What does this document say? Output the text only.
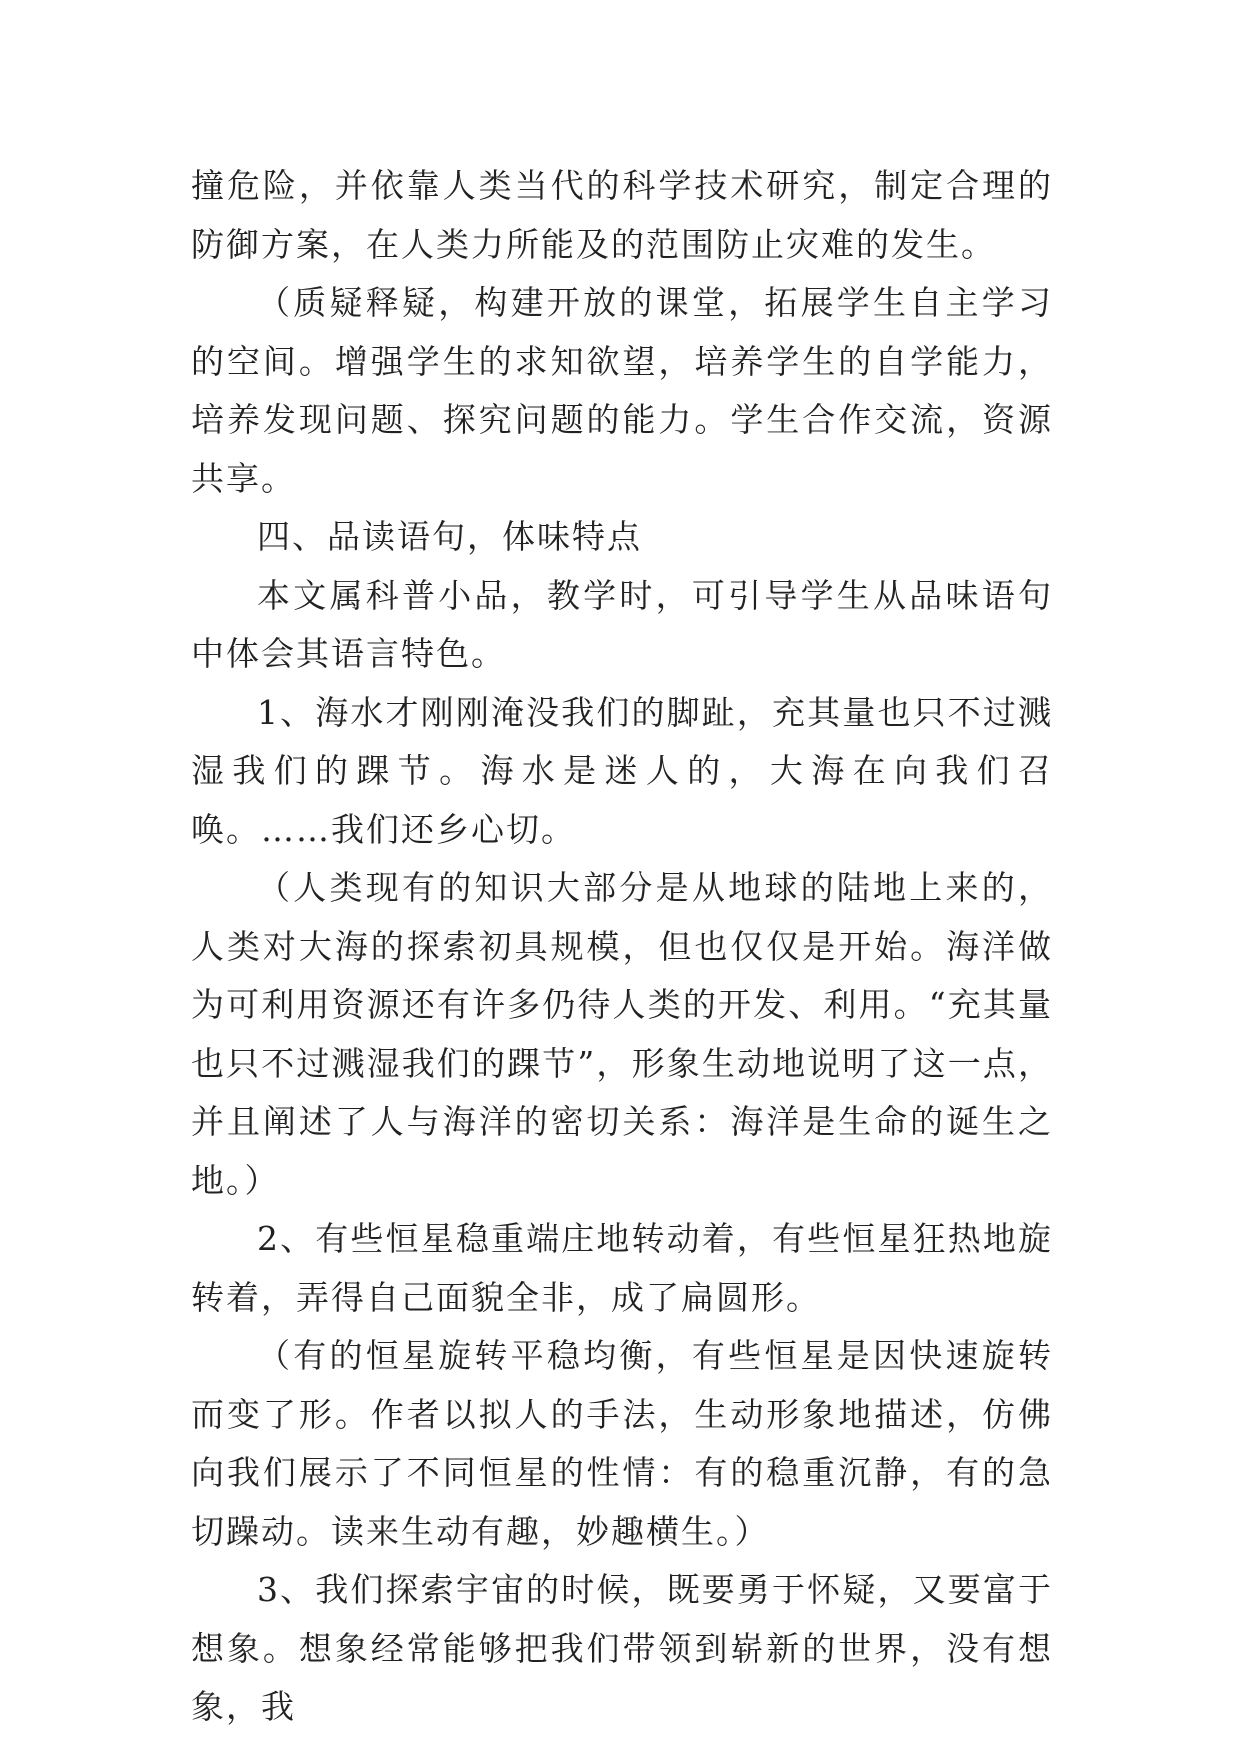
撞危险，并依靠人类当代的科学技术研究，制定合理的防御方案，在人类力所能及的范围防止灾难的发生。

（质疑释疑，构建开放的课堂，拓展学生自主学习的空间。增强学生的求知欲望，培养学生的自学能力，培养发现问题、探究问题的能力。学生合作交流，资源共享。

四、品读语句，体味特点

本文属科普小品，教学时，可引导学生从品味语句中体会其语言特色。

1、海水才刚刚淹没我们的脚趾，充其量也只不过溅湿我们的踝节。海水是迷人的，大海在向我们召唤。……我们还乡心切。

（人类现有的知识大部分是从地球的陆地上来的，人类对大海的探索初具规模，但也仅仅是开始。海洋做为可利用资源还有许多仍待人类的开发、利用。“充其量也只不过溅湿我们的踝节”，形象生动地说明了这一点，并且阐述了人与海洋的密切关系：海洋是生命的诞生之地。）

2、有些恒星稳重端庄地转动着，有些恒星狂热地旋转着，弄得自己面貌全非，成了扁圆形。

（有的恒星旋转平稳均衡，有些恒星是因快速旋转而变了形。作者以拟人的手法，生动形象地描述，仿佛向我们展示了不同恒星的性情：有的稳重沉静，有的急切躁动。读来生动有趣，妙趣横生。）

3、我们探索宇宙的时候，既要勇于怀疑，又要富于想象。想象经常能够把我们带领到崭新的世界，没有想象，我
